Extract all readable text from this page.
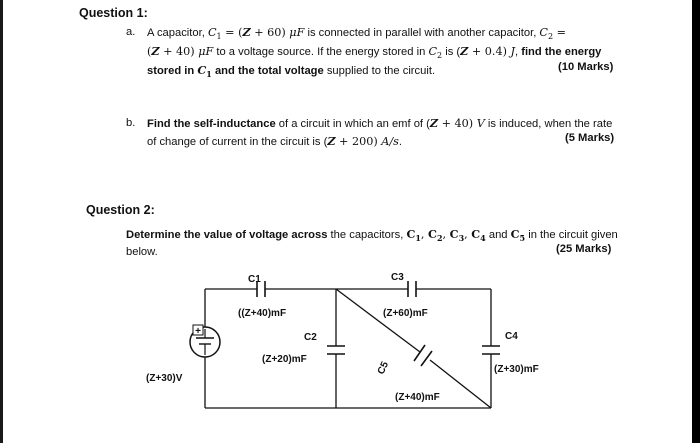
Question 1:
a. A capacitor, $C_1 = (Z + 60)$ μF is connected in parallel with another capacitor, $C_2$ =
(Z + 40) μF to a voltage source. If the energy stored in $C_2$ is (Z + 0.4) J, find the energy
stored in $C_1$ and the total voltage supplied to the circuit.	(10 Marks)
b. Find the self-inductance of a circuit in which an emf of (Z + 40) V is induced, when the rate
of change of current in the circuit is (Z + 200) A/s.	(5 Marks)
Question 2:
Determine the value of voltage across the capacitors, $C_1$, $C_2$, $C_3$, $C_4$ and $C_5$ in the circuit given
below.	(25 Marks)
+
C1
((Z+40)mF
C3
(Z+60)mF
C2
(Z+20)mF
C4
(Z+30)mF
C5
(Z+40)mF
(Z+30)V
